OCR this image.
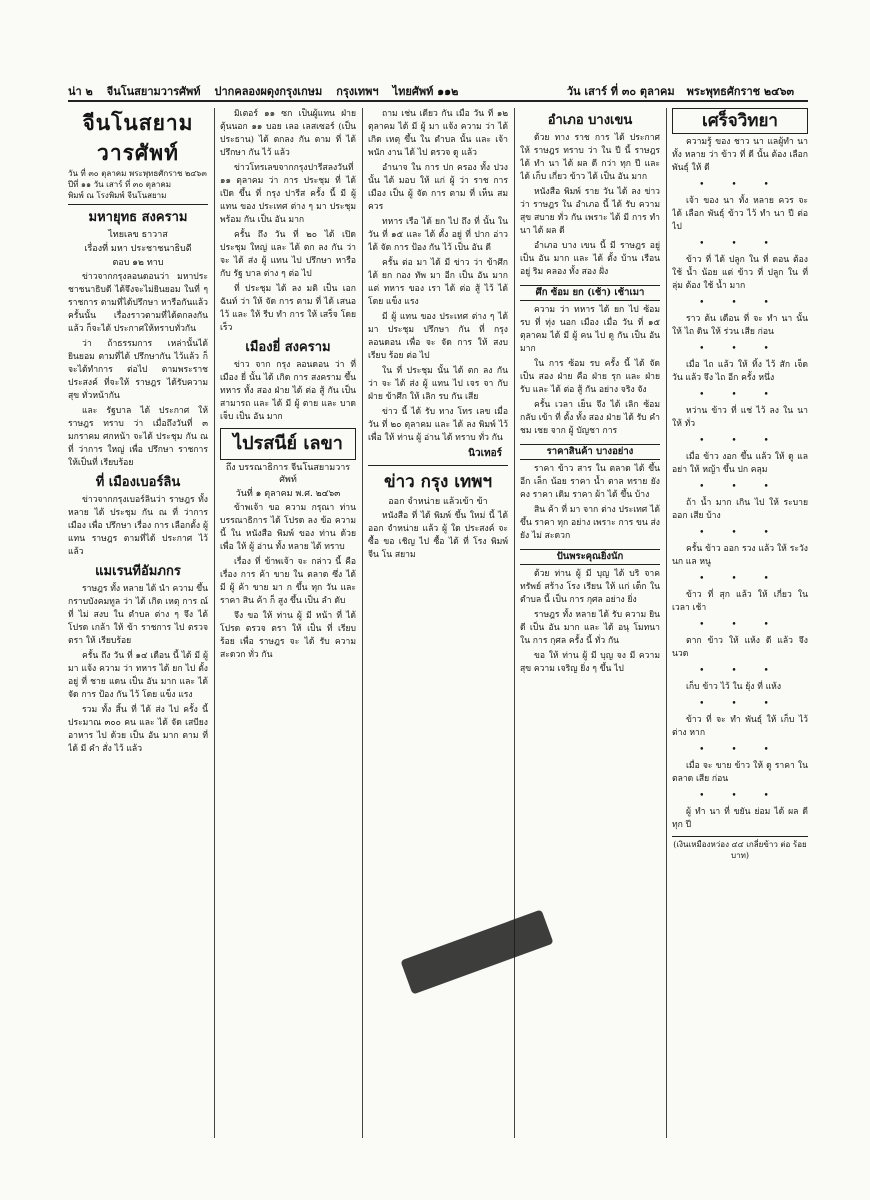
น่า ๒ จีนโนสยามวารศัพท์ ปากคลองผดุงกรุงเกษม กรุงเทพฯ ไทยศัพท์ ๑๑๒	วัน เสาร์ ที่ ๓๐ ตุลาคม พระพุทธศักราช ๒๔๖๓
จีนโนสยามวารศัพท์
วัน ที่ ๓๐ ตุลาคม พระพุทธศักราช ๒๔๖๓
ปีที่ ๑๑ วัน เสาร์ ที่ ๓๐ ตุลาคม
พิมพ์ ณ โรงพิมพ์ จีนโนสยาม
มหายุทธ สงคราม
ไทยเลข ธาวาส
เรื่องที่ มหา ประชาชนาธิบดี
ตอบ ๑๒ ทาบ

ข่าวจากกรุงลอนดอนว่า มหาประชาชนาธิบดี ได้จึงจะไม่ยินยอม ในที่ ๆ ราชการ ตามที่ได้ปรึกษา หารือกันแล้ว ครั้นนั้น เรื่องราวตามที่ได้ตกลงกันแล้ว ก็จะได้ ประกาศให้ทราบทั่วกัน

ว่า ถ้าธรรมการ เหล่านั้นได้ ยินยอม ตามที่ได้ ปรึกษากัน ไว้แล้ว ก็จะได้ทำการ ต่อไป ตามพระราชประสงค์ ที่จะให้ ราษฎร ได้รับความสุข ทั่วหน้ากัน

และ รัฐบาล ได้ ประกาศ ให้ราษฎร ทราบ ว่า เมื่อถึงวันที่ ๓ มกราคม ศกหน้า จะได้ ประชุม กัน ณ ที่ ว่าการ ใหญ่ เพื่อ ปรึกษา ราชการ ให้เป็นที่ เรียบร้อย

ที่ เมืองเบอร์ลิน

ข่าวจากกรุงเบอร์ลินว่า ราษฎร ทั้งหลาย ได้ ประชุม กัน ณ ที่ ว่าการ เมือง เพื่อ ปรึกษา เรื่อง การ เลือกตั้ง ผู้ แทน ราษฎร ตามที่ได้ ประกาศ ไว้แล้ว

แมเรนทีอัมภกร

ราษฎร ทั้ง หลาย ได้ นำ ความ ขึ้น กราบบังคมทูล ว่า ได้ เกิด เหตุ การ ณ์ ที่ ไม่ สงบ ใน ตำบล ต่าง ๆ จึง ได้ โปรด เกล้า ให้ ข้า ราชการ ไป ตรวจ ตรา ให้ เรียบร้อย

ครั้น ถึง วัน ที่ ๑๔ เดือน นี้ ได้ มี ผู้ มา แจ้ง ความ ว่า ทหาร ได้ ยก ไป ตั้ง อยู่ ที่ ชาย แดน เป็น อัน มาก และ ได้ จัด การ ป้อง กัน ไว้ โดย แข็ง แรง

รวม ทั้ง สิ้น ที่ ได้ ส่ง ไป ครั้ง นี้ ประมาณ ๓๐๐ คน และ ได้ จัด เสบียง อาหาร ไป ด้วย เป็น อัน มาก ตาม ที่ ได้ มี คำ สั่ง ไว้ แล้ว

มิเตอร์ ๑๑ ซก เป็นผู้แทน ฝ่าย ตุ้นนอก ๑๑ บอย เลอ เลสเซอร์ (เป็นประธาน) ได้ ตกลง กัน ตาม ที่ ได้ ปรึกษา กัน ไว้ แล้ว

ข่าวโทรเลขจากกรุงปารีสลงวันที่ ๑๑ ตุลาคม ว่า การ ประชุม ที่ ได้ เปิด ขึ้น ที่ กรุง ปารีส ครั้ง นี้ มี ผู้ แทน ของ ประเทศ ต่าง ๆ มา ประชุม พร้อม กัน เป็น อัน มาก

ครั้น ถึง วัน ที่ ๒๐ ได้ เปิด ประชุม ใหญ่ และ ได้ ตก ลง กัน ว่า จะ ได้ ส่ง ผู้ แทน ไป ปรึกษา หารือ กับ รัฐ บาล ต่าง ๆ ต่อ ไป

ที่ ประชุม ได้ ลง มติ เป็น เอก ฉันท์ ว่า ให้ จัด การ ตาม ที่ ได้ เสนอ ไว้ และ ให้ รีบ ทำ การ ให้ เสร็จ โดย เร็ว

เมืองยี่ สงคราม

ข่าว จาก กรุง ลอนดอน ว่า ที่ เมือง ยี่ นั้น ได้ เกิด การ สงคราม ขึ้น ทหาร ทั้ง สอง ฝ่าย ได้ ต่อ สู้ กัน เป็น สามารถ และ ได้ มี ผู้ ตาย และ บาด เจ็บ เป็น อัน มาก

ไปรสนีย์ เลขา
ถึง บรรณาธิการ จีนโนสยามวารศัพท์
วันที่ ๑ ตุลาคม พ.ศ. ๒๔๖๓

ข้าพเจ้า ขอ ความ กรุณา ท่าน บรรณาธิการ ได้ โปรด ลง ข้อ ความ นี้ ใน หนังสือ พิมพ์ ของ ท่าน ด้วย เพื่อ ให้ ผู้ อ่าน ทั้ง หลาย ได้ ทราบ

เรื่อง ที่ ข้าพเจ้า จะ กล่าว นี้ คือ เรื่อง การ ค้า ขาย ใน ตลาด ซึ่ง ได้ มี ผู้ ค้า ขาย มา ก ขึ้น ทุก วัน และ ราคา สิน ค้า ก็ สูง ขึ้น เป็น ลำ ดับ

จึง ขอ ให้ ท่าน ผู้ มี หน้า ที่ ได้ โปรด ตรวจ ตรา ให้ เป็น ที่ เรียบ ร้อย เพื่อ ราษฎร จะ ได้ รับ ความ สะดวก ทั่ว กัน

ถาม เช่น เดียว กัน เมื่อ วัน ที่ ๑๒ ตุลาคม ได้ มี ผู้ มา แจ้ง ความ ว่า ได้ เกิด เหตุ ขึ้น ใน ตำบล นั้น และ เจ้า พนัก งาน ได้ ไป ตรวจ ดู แล้ว

อำนาจ ใน การ ปก ครอง ทั้ง ปวง นั้น ได้ มอบ ให้ แก่ ผู้ ว่า ราช การ เมือง เป็น ผู้ จัด การ ตาม ที่ เห็น สม ควร

ทหาร เรือ ได้ ยก ไป ถึง ที่ นั้น ใน วัน ที่ ๑๕ และ ได้ ตั้ง อยู่ ที่ ปาก อ่าว ได้ จัด การ ป้อง กัน ไว้ เป็น อัน ดี

ครั้น ต่อ มา ได้ มี ข่าว ว่า ข้าศึก ได้ ยก กอง ทัพ มา อีก เป็น อัน มาก แต่ ทหาร ของ เรา ได้ ต่อ สู้ ไว้ ได้ โดย แข็ง แรง

มี ผู้ แทน ของ ประเทศ ต่าง ๆ ได้ มา ประชุม ปรึกษา กัน ที่ กรุง ลอนดอน เพื่อ จะ จัด การ ให้ สงบ เรียบ ร้อย ต่อ ไป

ใน ที่ ประชุม นั้น ได้ ตก ลง กัน ว่า จะ ได้ ส่ง ผู้ แทน ไป เจร จา กับ ฝ่าย ข้าศึก ให้ เลิก รบ กัน เสีย

ข่าว นี้ ได้ รับ ทาง โทร เลข เมื่อ วัน ที่ ๒๐ ตุลาคม และ ได้ ลง พิมพ์ ไว้ เพื่อ ให้ ท่าน ผู้ อ่าน ได้ ทราบ ทั่ว กัน

นิวเทอร์
ข่าว กรุง เทพฯ
ออก จำหน่าย แล้วเข้า ข้า

หนังสือ ที่ ได้ พิมพ์ ขึ้น ใหม่ นี้ ได้ ออก จำหน่าย แล้ว ผู้ ใด ประสงค์ จะ ซื้อ ขอ เชิญ ไป ซื้อ ได้ ที่ โรง พิมพ์ จีน โน สยาม

อำเภอ บางเขน

ด้วย ทาง ราช การ ได้ ประกาศ ให้ ราษฎร ทราบ ว่า ใน ปี นี้ ราษฎร ได้ ทำ นา ได้ ผล ดี กว่า ทุก ปี และ ได้ เก็บ เกี่ยว ข้าว ได้ เป็น อัน มาก

หนังสือ พิมพ์ ราย วัน ได้ ลง ข่าว ว่า ราษฎร ใน อำเภอ นี้ ได้ รับ ความ สุข สบาย ทั่ว กัน เพราะ ได้ มี การ ทำ นา ได้ ผล ดี

อำเภอ บาง เขน นี้ มี ราษฎร อยู่ เป็น อัน มาก และ ได้ ตั้ง บ้าน เรือน อยู่ ริม คลอง ทั้ง สอง ฝั่ง

ศึก ซ้อม ยก (เช้า) เช้าเมา

ความ ว่า ทหาร ได้ ยก ไป ซ้อม รบ ที่ ทุ่ง นอก เมือง เมื่อ วัน ที่ ๑๕ ตุลาคม ได้ มี ผู้ คน ไป ดู กัน เป็น อัน มาก

ใน การ ซ้อม รบ ครั้ง นี้ ได้ จัด เป็น สอง ฝ่าย คือ ฝ่าย รุก และ ฝ่าย รับ และ ได้ ต่อ สู้ กัน อย่าง จริง จัง

ครั้น เวลา เย็น จึง ได้ เลิก ซ้อม กลับ เข้า ที่ ตั้ง ทั้ง สอง ฝ่าย ได้ รับ คำ ชม เชย จาก ผู้ บัญชา การ

ราคาสินค้า บางอย่าง

ราคา ข้าว สาร ใน ตลาด ได้ ขึ้น อีก เล็ก น้อย ราคา น้ำ ตาล ทราย ยัง คง ราคา เดิม ราคา ผ้า ได้ ขึ้น บ้าง

สิน ค้า ที่ มา จาก ต่าง ประเทศ ได้ ขึ้น ราคา ทุก อย่าง เพราะ การ ขน ส่ง ยัง ไม่ สะดวก

ปันพระคุณยิ่งนัก

ด้วย ท่าน ผู้ มี บุญ ได้ บริ จาค ทรัพย์ สร้าง โรง เรียน ให้ แก่ เด็ก ใน ตำบล นี้ เป็น การ กุศล อย่าง ยิ่ง

ราษฎร ทั้ง หลาย ได้ รับ ความ ยิน ดี เป็น อัน มาก และ ได้ อนุ โมทนา ใน การ กุศล ครั้ง นี้ ทั่ว กัน

ขอ ให้ ท่าน ผู้ มี บุญ จง มี ความ สุข ความ เจริญ ยิ่ง ๆ ขึ้น ไป

เศร็จวิทยา

ความรู้ ของ ชาว นา แลผู้ทำ นา ทั้ง หลาย ว่า ข้าว ที่ ดี นั้น ต้อง เลือก พันธุ์ ให้ ดี

• • •

เจ้า ของ นา ทั้ง หลาย ควร จะ ได้ เลือก พันธุ์ ข้าว ไว้ ทำ นา ปี ต่อ ไป

• • •

ข้าว ที่ ได้ ปลูก ใน ที่ ดอน ต้อง ใช้ น้ำ น้อย แต่ ข้าว ที่ ปลูก ใน ที่ ลุ่ม ต้อง ใช้ น้ำ มาก

• • •

ราว ต้น เดือน ที่ จะ ทำ นา นั้น ให้ ไถ ดิน ให้ ร่วน เสีย ก่อน

• • •

เมื่อ ไถ แล้ว ให้ ทิ้ง ไว้ สัก เจ็ด วัน แล้ว จึง ไถ อีก ครั้ง หนึ่ง

• • •

หว่าน ข้าว ที่ แช่ ไว้ ลง ใน นา ให้ ทั่ว

• • •

เมื่อ ข้าว งอก ขึ้น แล้ว ให้ ดู แล อย่า ให้ หญ้า ขึ้น ปก คลุม

• • •

ถ้า น้ำ มาก เกิน ไป ให้ ระบาย ออก เสีย บ้าง

• • •

ครั้น ข้าว ออก รวง แล้ว ให้ ระวัง นก แล หนู

• • •

ข้าว ที่ สุก แล้ว ให้ เกี่ยว ใน เวลา เช้า

• • •

ตาก ข้าว ให้ แห้ง ดี แล้ว จึง นวด

• • •

เก็บ ข้าว ไว้ ใน ยุ้ง ที่ แห้ง

• • •

ข้าว ที่ จะ ทำ พันธุ์ ให้ เก็บ ไว้ ต่าง หาก

• • •

เมื่อ จะ ขาย ข้าว ให้ ดู ราคา ใน ตลาด เสีย ก่อน

• • •

ผู้ ทำ นา ที่ ขยัน ย่อม ได้ ผล ดี ทุก ปี

(เงินเหมืองหว่อง ๔๔ เกลี่ยข้าว ต่อ ร้อย บาท)
